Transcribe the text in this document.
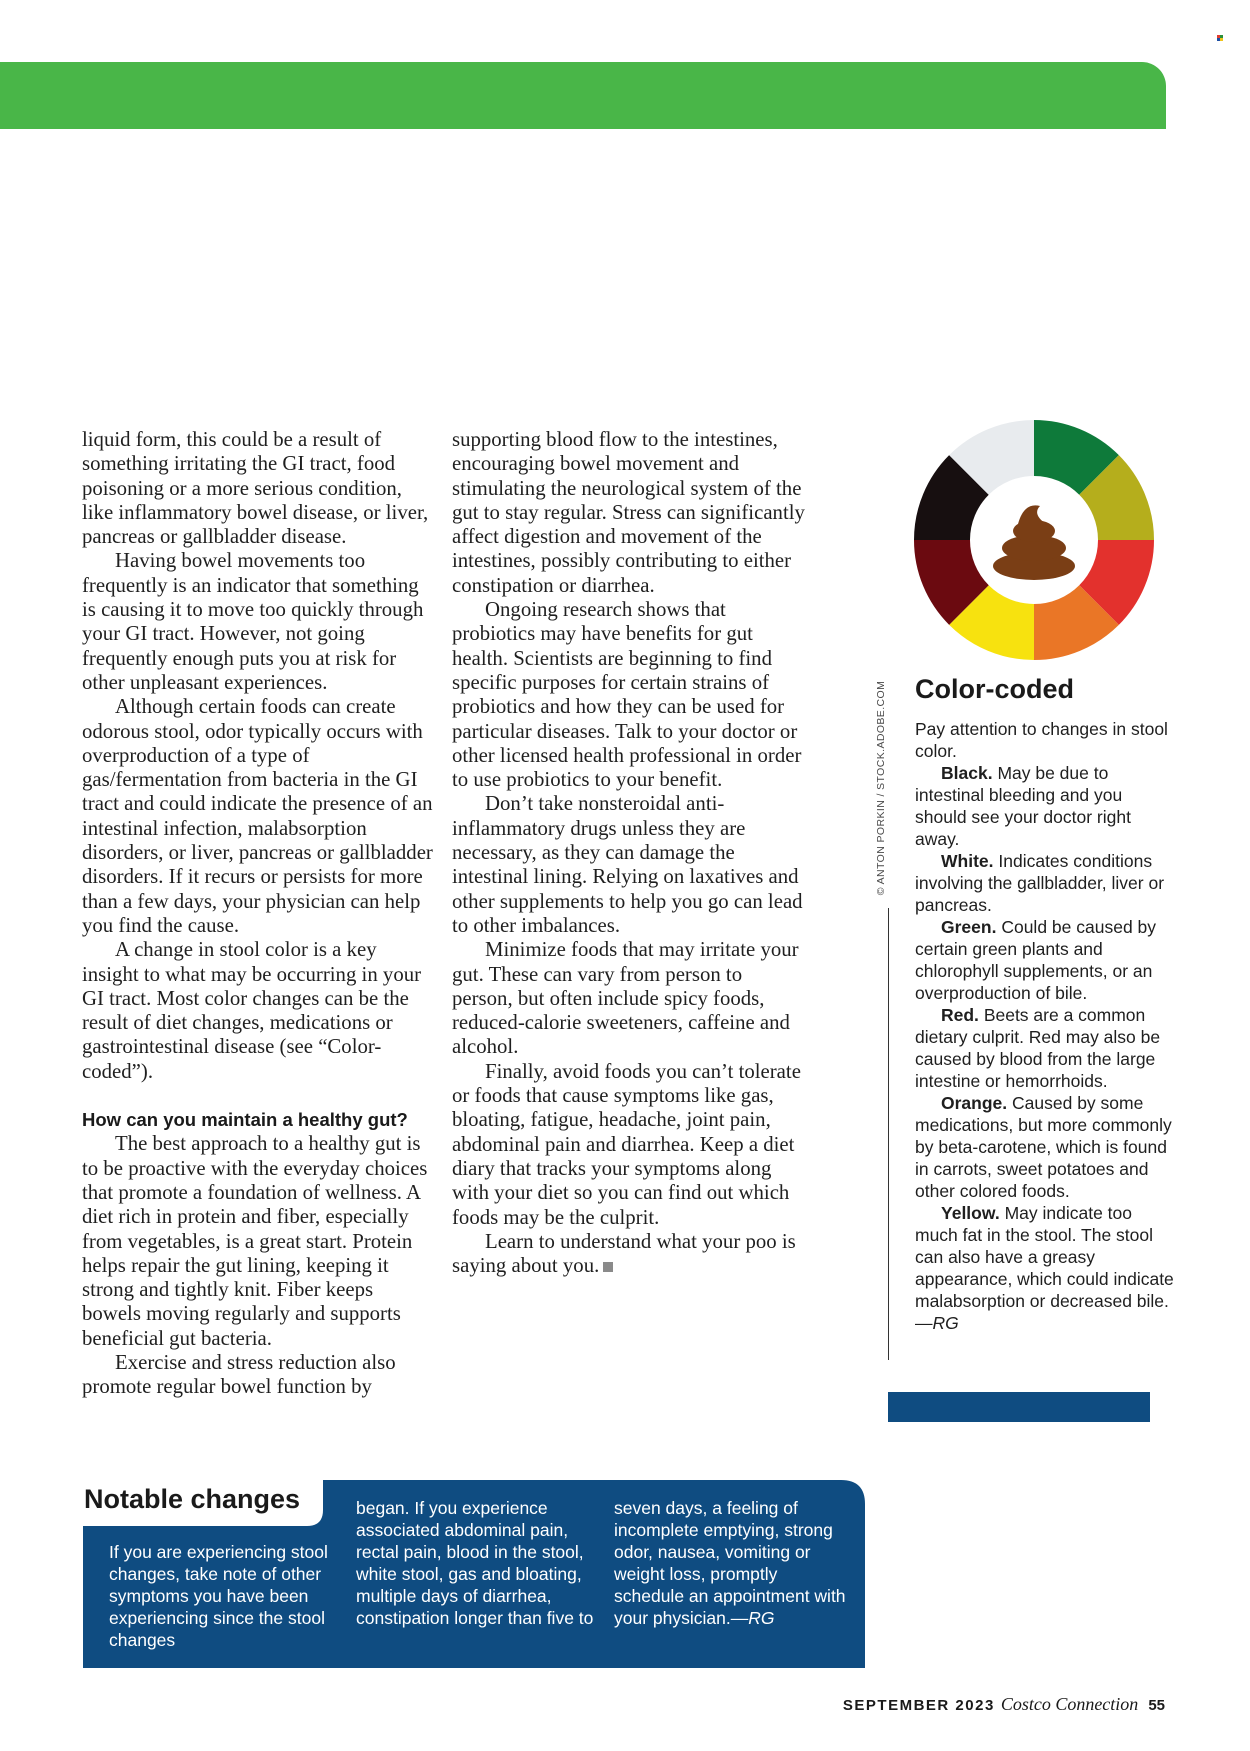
liquid form, this could be a result of something irritating the GI tract, food poisoning or a more serious condition, like inflammatory bowel disease, or liver, pancreas or gallbladder disease.

Having bowel movements too frequently is an indicator that something is causing it to move too quickly through your GI tract. However, not going frequently enough puts you at risk for other unpleasant experiences.

Although certain foods can create odorous stool, odor typically occurs with overproduction of a type of gas/fermentation from bacteria in the GI tract and could indicate the presence of an intestinal infection, malabsorption disorders, or liver, pancreas or gallbladder disorders. If it recurs or persists for more than a few days, your physician can help you find the cause.

A change in stool color is a key insight to what may be occurring in your GI tract. Most color changes can be the result of diet changes, medications or gastrointestinal disease (see “Color-coded”).

How can you maintain a healthy gut?

The best approach to a healthy gut is to be proactive with the everyday choices that promote a foundation of wellness. A diet rich in protein and fiber, especially from vegetables, is a great start. Protein helps repair the gut lining, keeping it strong and tightly knit. Fiber keeps bowels moving regularly and supports beneficial gut bacteria.

Exercise and stress reduction also promote regular bowel function by

supporting blood flow to the intestines, encouraging bowel movement and stimulating the neurological system of the gut to stay regular. Stress can significantly affect digestion and movement of the intestines, possibly contributing to either constipation or diarrhea.

Ongoing research shows that probiotics may have benefits for gut health. Scientists are beginning to find specific purposes for certain strains of probiotics and how they can be used for particular diseases. Talk to your doctor or other licensed health professional in order to use probiotics to your benefit.

Don’t take nonsteroidal anti-inflammatory drugs unless they are necessary, as they can damage the intestinal lining. Relying on laxatives and other supplements to help you go can lead to other imbalances.

Minimize foods that may irritate your gut. These can vary from person to person, but often include spicy foods, reduced-calorie sweeteners, caffeine and alcohol.

Finally, avoid foods you can’t tolerate or foods that cause symptoms like gas, bloating, fatigue, headache, joint pain, abdominal pain and diarrhea. Keep a diet diary that tracks your symptoms along with your diet so you can find out which foods may be the culprit.

Learn to understand what your poo is saying about you.

© ANTON PORKIN / STOCK.ADOBE.COM Color-coded

Pay attention to changes in stool color.

Black. May be due to intestinal bleeding and you should see your doctor right away.

White. Indicates conditions involving the gallbladder, liver or pancreas.

Green. Could be caused by certain green plants and chlorophyll supplements, or an overproduction of bile.

Red. Beets are a common dietary culprit. Red may also be caused by blood from the large intestine or hemorrhoids.

Orange. Caused by some medications, but more commonly by beta-carotene, which is found in carrots, sweet potatoes and other colored foods.

Yellow. May indicate too much fat in the stool. The stool can also have a greasy appearance, which could indicate malabsorption or decreased bile.—RG

Notable changes
If you are experiencing stool changes, take note of other symptoms you have been experiencing since the stool changes
began. If you experience associated abdominal pain, rectal pain, blood in the stool, white stool, gas and bloating, multiple days of diarrhea, constipation longer than five to
seven days, a feeling of incomplete emptying, strong odor, nausea, vomiting or weight loss, promptly schedule an appointment with your physician.—RG
SEPTEMBER 2023 Costco Connection 55
